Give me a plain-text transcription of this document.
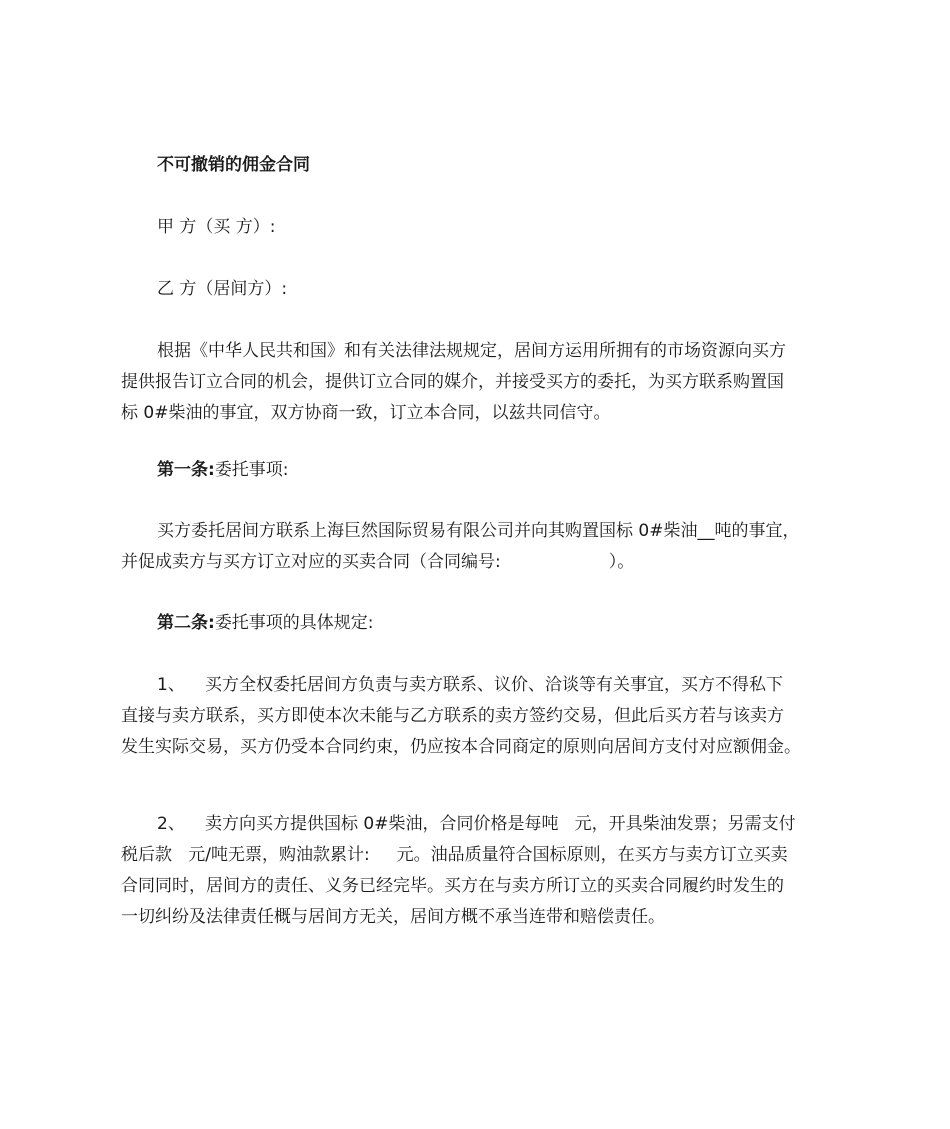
不可撤销的佣金合同

甲 方（买 方）:

乙 方（居间方）:

根据《中华人民共和国》和有关法律法规规定，居间方运用所拥有的市场资源向买方
提供报告订立合同的机会，提供订立合同的媒介，并接受买方的委托，为买方联系购置国
标 0#柴油的事宜，双方协商一致，订立本合同，以兹共同信守。

第一条:委托事项:

买方委托居间方联系上海巨然国际贸易有限公司并向其购置国标 0#柴油__吨的事宜，
并促成卖方与买方订立对应的买卖合同（合同编号:                    ）。

第二条:委托事项的具体规定:

1、 买方全权委托居间方负责与卖方联系、议价、洽谈等有关事宜，买方不得私下
直接与卖方联系，买方即使本次未能与乙方联系的卖方签约交易，但此后买方若与该卖方
发生实际交易，买方仍受本合同约束，仍应按本合同商定的原则向居间方支付对应额佣金。

2、 卖方向买方提供国标 0#柴油，合同价格是每吨   元，开具柴油发票；另需支付
税后款   元/吨无票，购油款累计:     元。油品质量符合国标原则，在买方与卖方订立买卖
合同同时，居间方的责任、义务已经完毕。买方在与卖方所订立的买卖合同履约时发生的
一切纠纷及法律责任概与居间方无关，居间方概不承当连带和赔偿责任。
